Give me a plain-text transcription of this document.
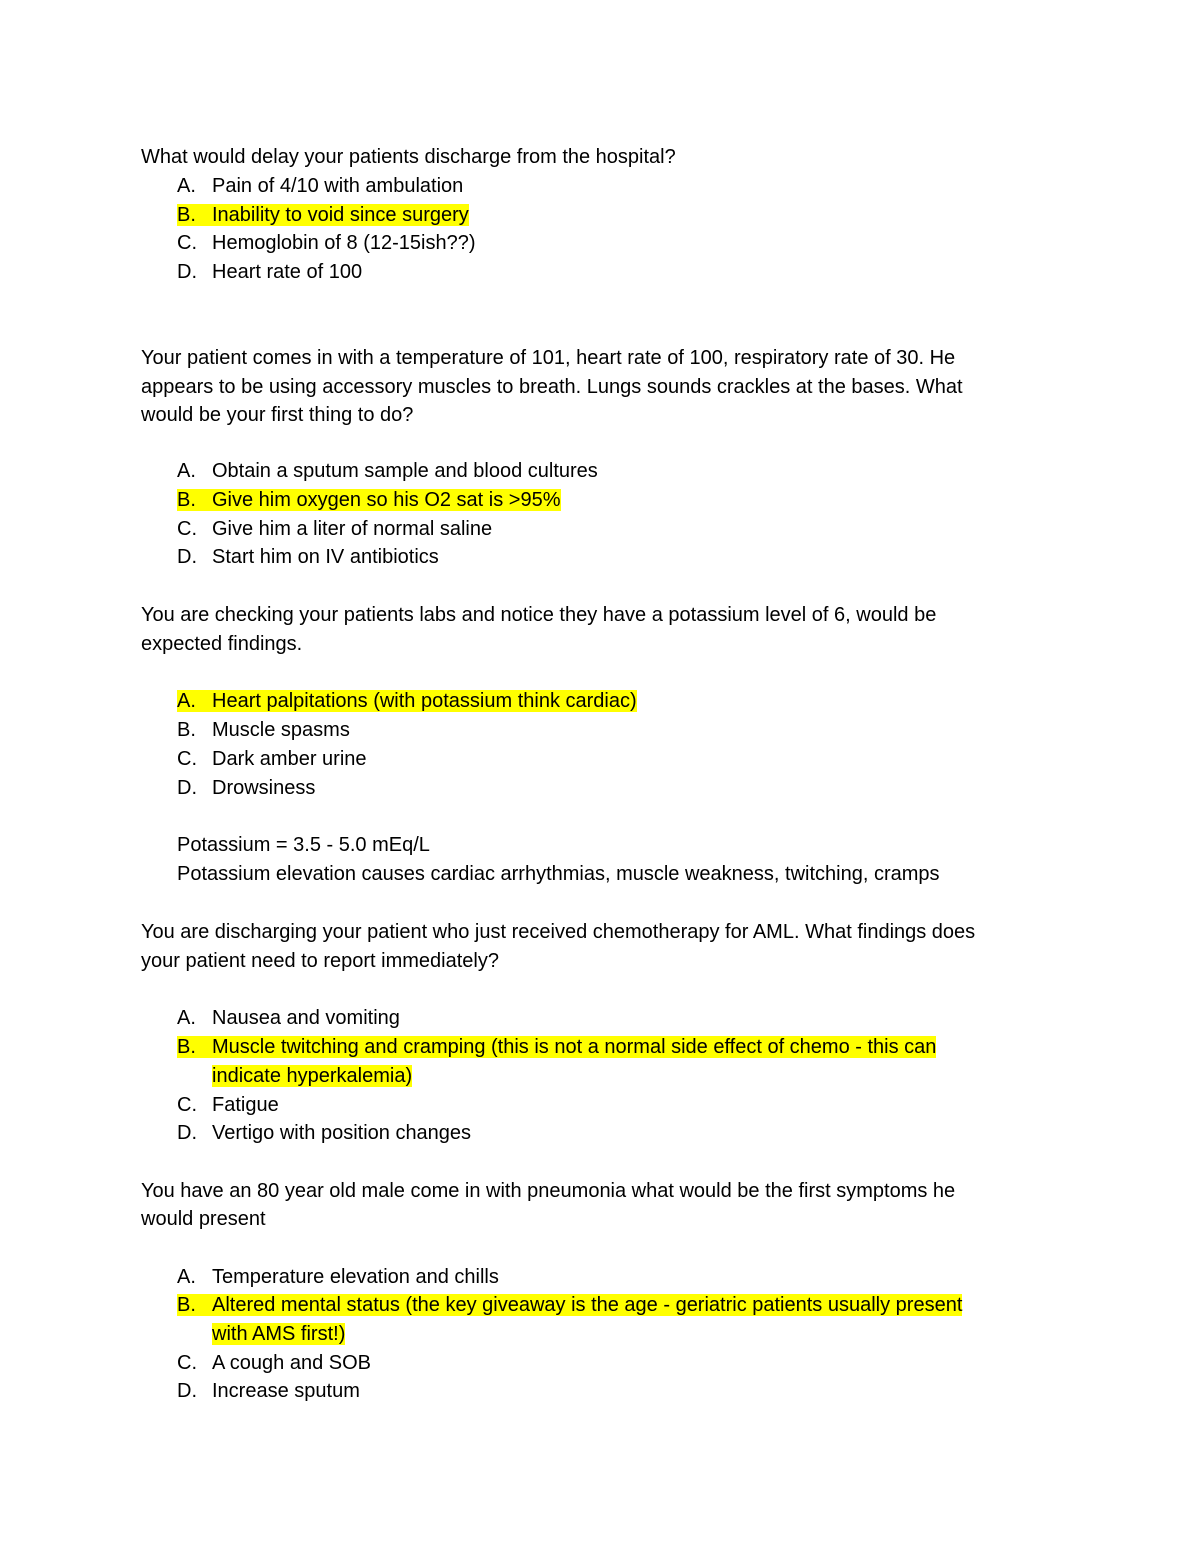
What would delay your patients discharge from the hospital?
A. Pain of 4/10 with ambulation
B. Inability to void since surgery
C. Hemoglobin of 8 (12-15ish??)
D. Heart rate of 100
Your patient comes in with a temperature of 101, heart rate of 100, respiratory rate of 30. He
appears to be using accessory muscles to breath. Lungs sounds crackles at the bases. What
would be your first thing to do?
A. Obtain a sputum sample and blood cultures
B. Give him oxygen so his O2 sat is >95%
C. Give him a liter of normal saline
D. Start him on IV antibiotics
You are checking your patients labs and notice they have a potassium level of 6, would be
expected findings.
A. Heart palpitations (with potassium think cardiac)
B. Muscle spasms
C. Dark amber urine
D. Drowsiness
Potassium = 3.5 - 5.0 mEq/L
Potassium elevation causes cardiac arrhythmias, muscle weakness, twitching, cramps
You are discharging your patient who just received chemotherapy for AML. What findings does
your patient need to report immediately?
A. Nausea and vomiting
B. Muscle twitching and cramping (this is not a normal side effect of chemo - this can
indicate hyperkalemia)
C. Fatigue
D. Vertigo with position changes
You have an 80 year old male come in with pneumonia what would be the first symptoms he
would present
A. Temperature elevation and chills
B. Altered mental status (the key giveaway is the age - geriatric patients usually present
with AMS first!)
C. A cough and SOB
D. Increase sputum
